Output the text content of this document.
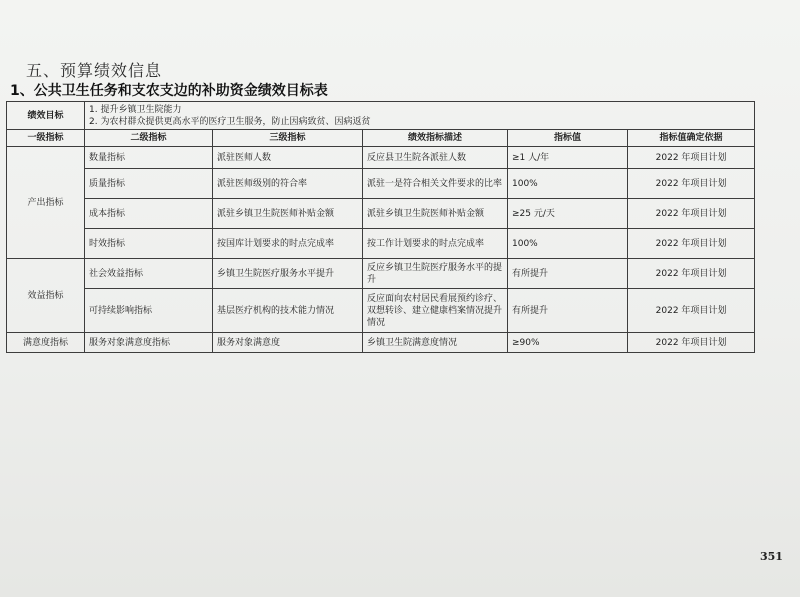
五、预算绩效信息
1、公共卫生任务和支农支边的补助资金绩效目标表
绩效目标	1. 提升乡镇卫生院能力
2. 为农村群众提供更高水平的医疗卫生服务，防止因病致贫、因病返贫				

一级指标	二级指标	三级指标	绩效指标描述	指标值	指标值确定依据
产出指标	数量指标	派驻医师人数	反应县卫生院各派驻人数	≥1 人/年	2022 年项目计划
	质量指标	派驻医师级别的符合率	派驻一是符合相关文件要求的比率	100%	2022 年项目计划
	成本指标	派驻乡镇卫生院医师补贴金额	派驻乡镇卫生院医师补贴金额	≥25 元/天	2022 年项目计划
	时效指标	按国库计划要求的时点完成率	按工作计划要求的时点完成率	100%	2022 年项目计划
效益指标	社会效益指标	乡镇卫生院医疗服务水平提升	反应乡镇卫生院医疗服务水平的提升	有所提升	2022 年项目计划
	可持续影响指标	基层医疗机构的技术能力情况	反应面向农村居民看展预约诊疗、双想转诊、建立健康档案情况提升情况	有所提升	2022 年项目计划
满意度指标	服务对象满意度指标	服务对象满意度	乡镇卫生院满意度情况	≥90%	2022 年项目计划
351
